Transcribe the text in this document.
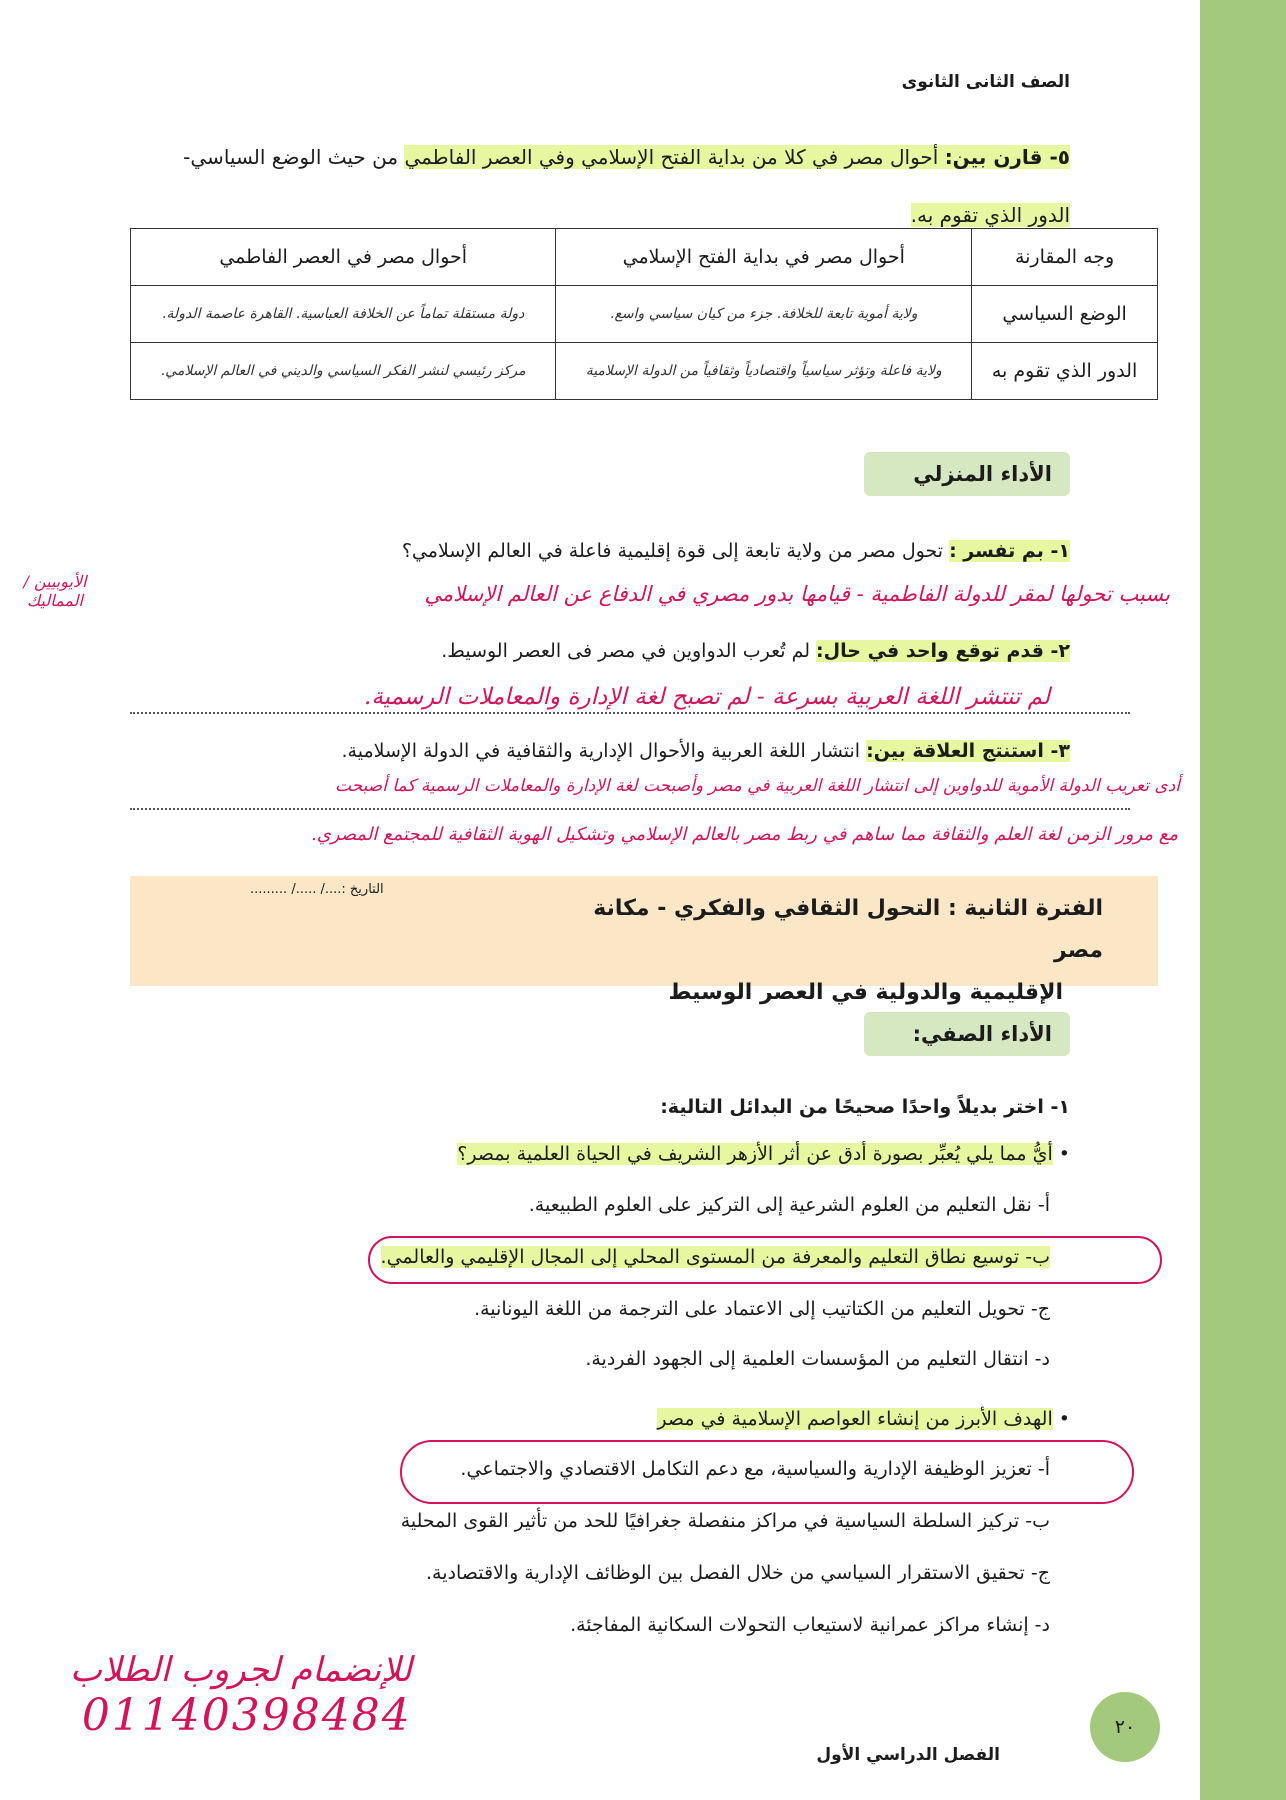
الصف الثانى الثانوى
٥- قارن بين: أحوال مصر في كلا من بداية الفتح الإسلامي وفي العصر الفاطمي من حيث الوضع السياسي-
الدور الذي تقوم به.
وجه المقارنة	أحوال مصر في بداية الفتح الإسلامي	أحوال مصر في العصر الفاطمي
الوضع السياسي	ولاية أموية تابعة للخلافة. جزء من كيان سياسي واسع.	دولة مستقلة تماماً عن الخلافة العباسية. القاهرة عاصمة الدولة.
الدور الذي تقوم به	ولاية فاعلة وتؤثر سياسياً واقتصادياً وثقافياً من الدولة الإسلامية	مركز رئيسي لنشر الفكر السياسي والديني في العالم الإسلامي.
الأداء المنزلي
١- بم تفسر : تحول مصر من ولاية تابعة إلى قوة إقليمية فاعلة في العالم الإسلامي؟
بسبب تحولها لمقر للدولة الفاطمية - قيامها بدور مصري في الدفاع عن العالم الإسلامي
الأيوبيين / المماليك
٢- قدم توقع واحد في حال: لم تُعرب الدواوين في مصر فى العصر الوسيط.
لم تنتشر اللغة العربية بسرعة - لم تصبح لغة الإدارة والمعاملات الرسمية.
٣- استنتج العلاقة بين: انتشار اللغة العربية والأحوال الإدارية والثقافية في الدولة الإسلامية.
أدى تعريب الدولة الأموية للدواوين إلى انتشار اللغة العربية في مصر وأصبحت لغة الإدارة والمعاملات الرسمية كما أصبحت
مع مرور الزمن لغة العلم والثقافة مما ساهم في ربط مصر بالعالم الإسلامي وتشكيل الهوية الثقافية للمجتمع المصري.
التاريخ :..../ ...../ .........
الفترة الثانية : التحول الثقافي والفكري - مكانة مصر
الإقليمية والدولية في العصر الوسيط
الأداء الصفي:
١- اختر بديلاً واحدًا صحيحًا من البدائل التالية:
• أيُّ مما يلي يُعبِّر بصورة أدق عن أثر الأزهر الشريف في الحياة العلمية بمصر؟
أ- نقل التعليم من العلوم الشرعية إلى التركيز على العلوم الطبيعية.
ب- توسيع نطاق التعليم والمعرفة من المستوى المحلي إلى المجال الإقليمي والعالمي.
ج- تحويل التعليم من الكتاتيب إلى الاعتماد على الترجمة من اللغة اليونانية.
د- انتقال التعليم من المؤسسات العلمية إلى الجهود الفردية.
• الهدف الأبرز من إنشاء العواصم الإسلامية في مصر
أ- تعزيز الوظيفة الإدارية والسياسية، مع دعم التكامل الاقتصادي والاجتماعي.
ب- تركيز السلطة السياسية في مراكز منفصلة جغرافيًا للحد من تأثير القوى المحلية
ج- تحقيق الاستقرار السياسي من خلال الفصل بين الوظائف الإدارية والاقتصادية.
د- إنشاء مراكز عمرانية لاستيعاب التحولات السكانية المفاجئة.
٢٠
الفصل الدراسي الأول
للإنضمام لجروب الطلاب
01140398484
